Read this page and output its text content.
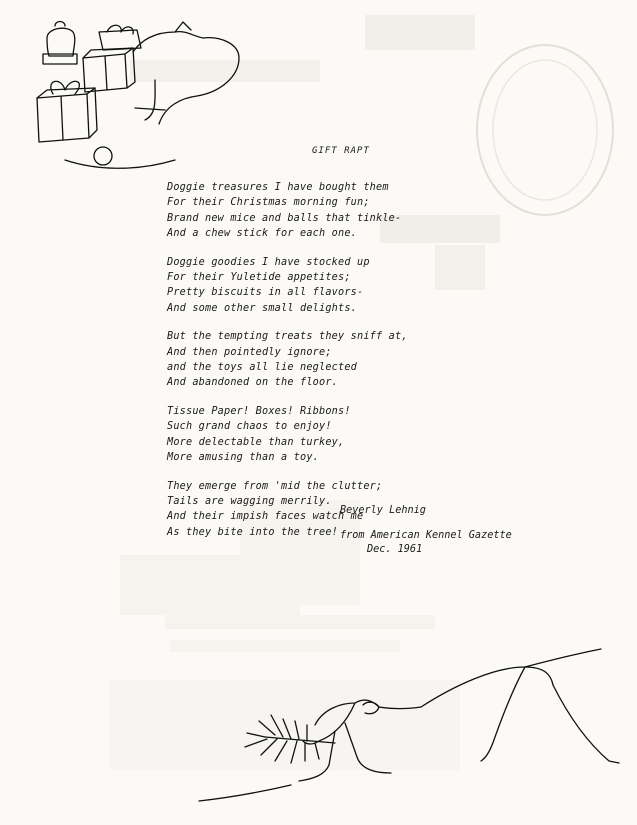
GIFT RAPT
Doggie treasures I have bought them
For their Christmas morning fun;
Brand new mice and balls that tinkle-
And a chew stick for each one.
Doggie goodies I have stocked up
For their Yuletide appetites;
Pretty biscuits in all flavors-
And some other small delights.
But the tempting treats they sniff at,
And then pointedly ignore;
and the toys all lie neglected
And abandoned on the floor.
Tissue Paper! Boxes! Ribbons!
Such grand chaos to enjoy!
More delectable than turkey,
More amusing than a toy.
They emerge from 'mid the clutter;
Tails are wagging merrily.
And their impish faces watch me
As they bite into the tree!
Beverly Lehnig
from American Kennel Gazette
Dec. 1961
